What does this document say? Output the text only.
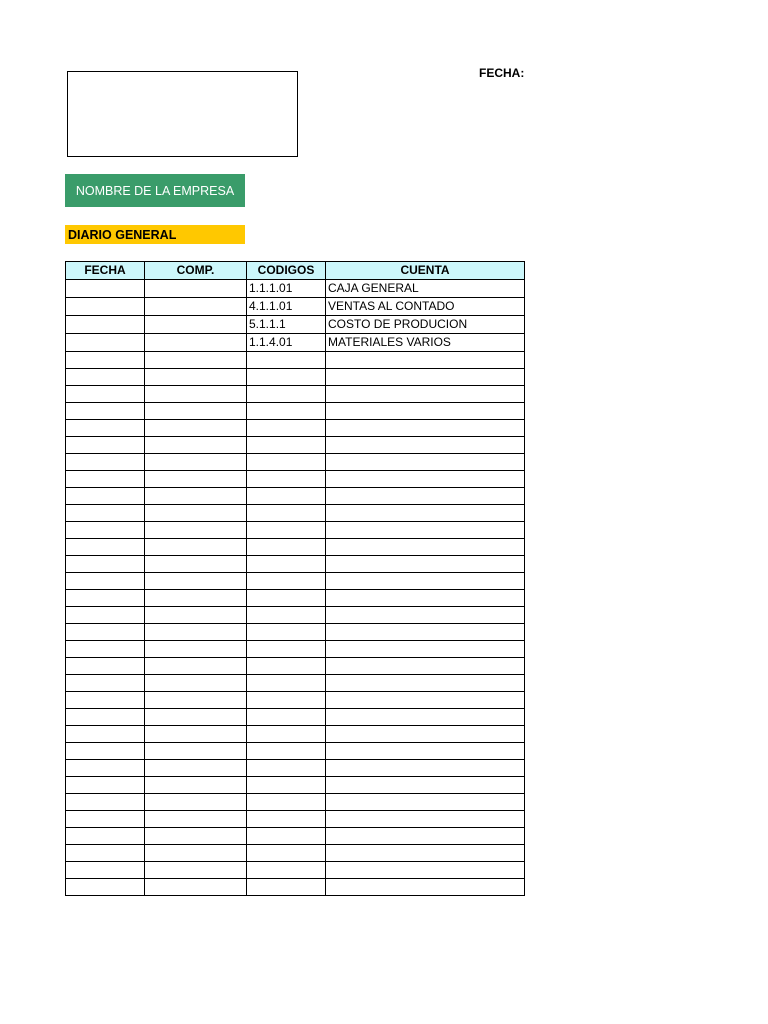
FECHA:
NOMBRE DE LA EMPRESA
DIARIO GENERAL
FECHA	COMP.	CODIGOS	CUENTA
		1.1.1.01	CAJA GENERAL
		4.1.1.01	VENTAS AL CONTADO
		5.1.1.1	COSTO DE PRODUCION
		1.1.4.01	MATERIALES VARIOS
